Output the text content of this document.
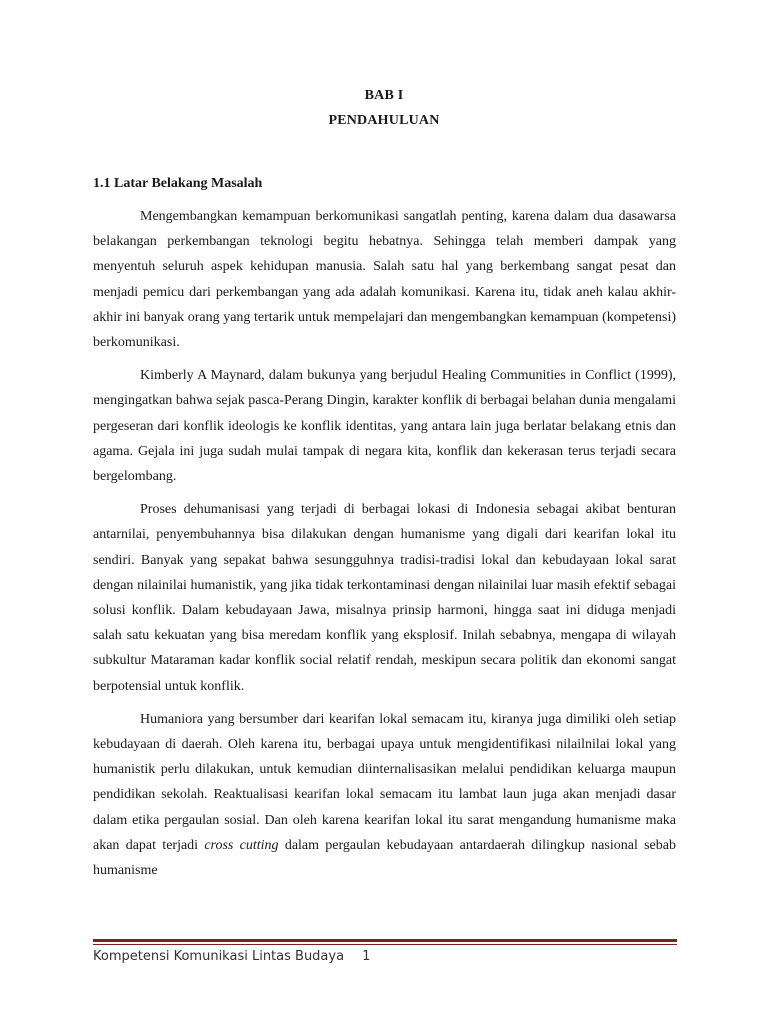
BAB I
PENDAHULUAN
1.1 Latar Belakang Masalah

Mengembangkan kemampuan berkomunikasi sangatlah penting, karena dalam dua dasawarsa belakangan perkembangan teknologi begitu hebatnya. Sehingga telah memberi dampak yang menyentuh seluruh aspek kehidupan manusia. Salah satu hal yang berkembang sangat pesat dan menjadi pemicu dari perkembangan yang ada adalah komunikasi. Karena itu, tidak aneh kalau akhir-akhir ini banyak orang yang tertarik untuk mempelajari dan mengembangkan kemampuan (kompetensi) berkomunikasi.

Kimberly A Maynard, dalam bukunya yang berjudul Healing Communities in Conflict (1999), mengingatkan bahwa sejak pasca-Perang Dingin, karakter konflik di berbagai belahan dunia mengalami pergeseran dari konflik ideologis ke konflik identitas, yang antara lain juga berlatar belakang etnis dan agama. Gejala ini juga sudah mulai tampak di negara kita, konflik dan kekerasan terus terjadi secara bergelombang.

Proses dehumanisasi yang terjadi di berbagai lokasi di Indonesia sebagai akibat benturan antarnilai, penyembuhannya bisa dilakukan dengan humanisme yang digali dari kearifan lokal itu sendiri. Banyak yang sepakat bahwa sesungguhnya tradisi-tradisi lokal dan kebudayaan lokal sarat dengan nilainilai humanistik, yang jika tidak terkontaminasi dengan nilainilai luar masih efektif sebagai solusi konflik. Dalam kebudayaan Jawa, misalnya prinsip harmoni, hingga saat ini diduga menjadi salah satu kekuatan yang bisa meredam konflik yang eksplosif. Inilah sebabnya, mengapa di wilayah subkultur Mataraman kadar konflik social relatif rendah, meskipun secara politik dan ekonomi sangat berpotensial untuk konflik.

Humaniora yang bersumber dari kearifan lokal semacam itu, kiranya juga dimiliki oleh setiap kebudayaan di daerah. Oleh karena itu, berbagai upaya untuk mengidentifikasi nilailnilai lokal yang humanistik perlu dilakukan, untuk kemudian diinternalisasikan melalui pendidikan keluarga maupun pendidikan sekolah. Reaktualisasi kearifan lokal semacam itu lambat laun juga akan menjadi dasar dalam etika pergaulan sosial. Dan oleh karena kearifan lokal itu sarat mengandung humanisme maka akan dapat terjadi cross cutting dalam pergaulan kebudayaan antardaerah dilingkup nasional sebab humanisme

Kompetensi Komunikasi Lintas Budaya 1
